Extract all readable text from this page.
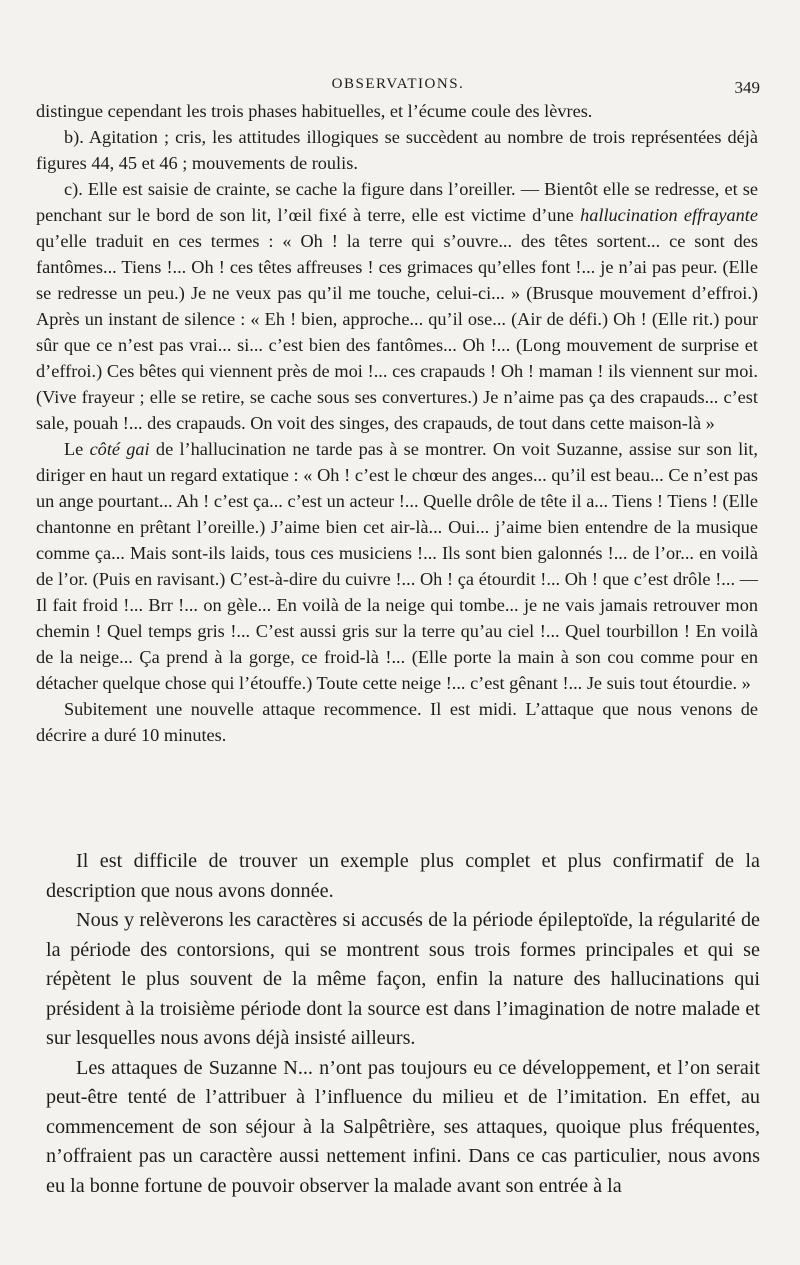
OBSERVATIONS.	349

distingue cependant les trois phases habituelles, et l’écume coule des lèvres.

b). Agitation ; cris, les attitudes illogiques se succèdent au nombre de trois représentées déjà figures 44, 45 et 46 ; mouvements de roulis.

c). Elle est saisie de crainte, se cache la figure dans l’oreiller. — Bientôt elle se redresse, et se penchant sur le bord de son lit, l’œil fixé à terre, elle est victime d’une hallucination effrayante qu’elle traduit en ces termes : « Oh ! la terre qui s’ouvre... des têtes sortent... ce sont des fantômes... Tiens !... Oh ! ces têtes affreuses ! ces grimaces qu’elles font !... je n’ai pas peur. (Elle se redresse un peu.) Je ne veux pas qu’il me touche, celui-ci... » (Brusque mouvement d’effroi.) Après un instant de silence : « Eh ! bien, approche... qu’il ose... (Air de défi.) Oh ! (Elle rit.) pour sûr que ce n’est pas vrai... si... c’est bien des fantômes... Oh !... (Long mouvement de surprise et d’effroi.) Ces bêtes qui viennent près de moi !... ces crapauds ! Oh ! maman ! ils viennent sur moi. (Vive frayeur ; elle se retire, se cache sous ses convertures.) Je n’aime pas ça des crapauds... c’est sale, pouah !... des crapauds. On voit des singes, des crapauds, de tout dans cette maison-là »

Le côté gai de l’hallucination ne tarde pas à se montrer. On voit Suzanne, assise sur son lit, diriger en haut un regard extatique : « Oh ! c’est le chœur des anges... qu’il est beau... Ce n’est pas un ange pourtant... Ah ! c’est ça... c’est un acteur !... Quelle drôle de tête il a... Tiens ! Tiens ! (Elle chantonne en prêtant l’oreille.) J’aime bien cet air-là... Oui... j’aime bien entendre de la musique comme ça... Mais sont-ils laids, tous ces musiciens !... Ils sont bien galonnés !... de l’or... en voilà de l’or. (Puis en ravisant.) C’est-à-dire du cuivre !... Oh ! ça étourdit !... Oh ! que c’est drôle !... — Il fait froid !... Brr !... on gèle... En voilà de la neige qui tombe... je ne vais jamais retrouver mon chemin ! Quel temps gris !... C’est aussi gris sur la terre qu’au ciel !... Quel tourbillon ! En voilà de la neige... Ça prend à la gorge, ce froid-là !... (Elle porte la main à son cou comme pour en détacher quelque chose qui l’étouffe.) Toute cette neige !... c’est gênant !... Je suis tout étourdie. »

Subitement une nouvelle attaque recommence. Il est midi. L’attaque que nous venons de décrire a duré 10 minutes.

Il est difficile de trouver un exemple plus complet et plus confirmatif de la description que nous avons donnée.

Nous y relèverons les caractères si accusés de la période épileptoïde, la régularité de la période des contorsions, qui se montrent sous trois formes principales et qui se répètent le plus souvent de la même façon, enfin la nature des hallucinations qui président à la troisième période dont la source est dans l’imagination de notre malade et sur lesquelles nous avons déjà insisté ailleurs.

Les attaques de Suzanne N... n’ont pas toujours eu ce développement, et l’on serait peut-être tenté de l’attribuer à l’influence du milieu et de l’imitation. En effet, au commencement de son séjour à la Salpêtrière, ses attaques, quoique plus fréquentes, n’offraient pas un caractère aussi nettement infini. Dans ce cas particulier, nous avons eu la bonne fortune de pouvoir observer la malade avant son entrée à la
